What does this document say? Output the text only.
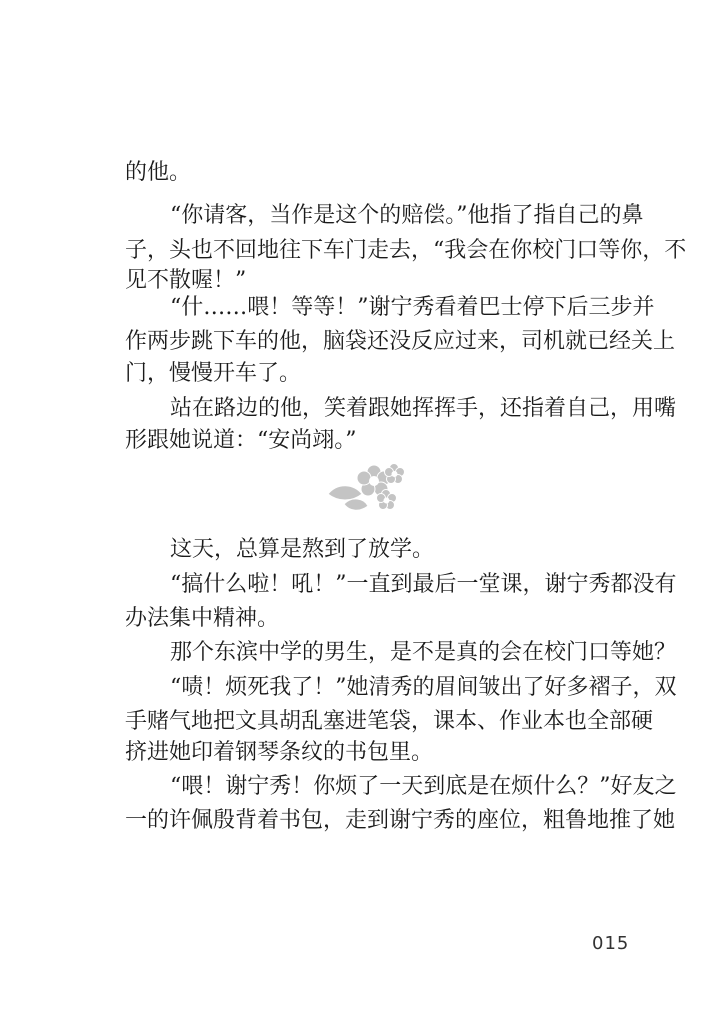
的他。
“你请客，当作是这个的赔偿。”他指了指自己的鼻
子，头也不回地往下车门走去，“我会在你校门口等你，不
见不散喔！”
“什……喂！等等！”谢宁秀看着巴士停下后三步并
作两步跳下车的他，脑袋还没反应过来，司机就已经关上
门，慢慢开车了。
站在路边的他，笑着跟她挥挥手，还指着自己，用嘴
形跟她说道：“安尚翊。”
这天，总算是熬到了放学。
“搞什么啦！吼！”一直到最后一堂课，谢宁秀都没有
办法集中精神。
那个东滨中学的男生，是不是真的会在校门口等她？
“啧！烦死我了！”她清秀的眉间皱出了好多褶子，双
手赌气地把文具胡乱塞进笔袋，课本、作业本也全部硬
挤进她印着钢琴条纹的书包里。
“喂！谢宁秀！你烦了一天到底是在烦什么？”好友之
一的许佩殷背着书包，走到谢宁秀的座位，粗鲁地推了她
015
